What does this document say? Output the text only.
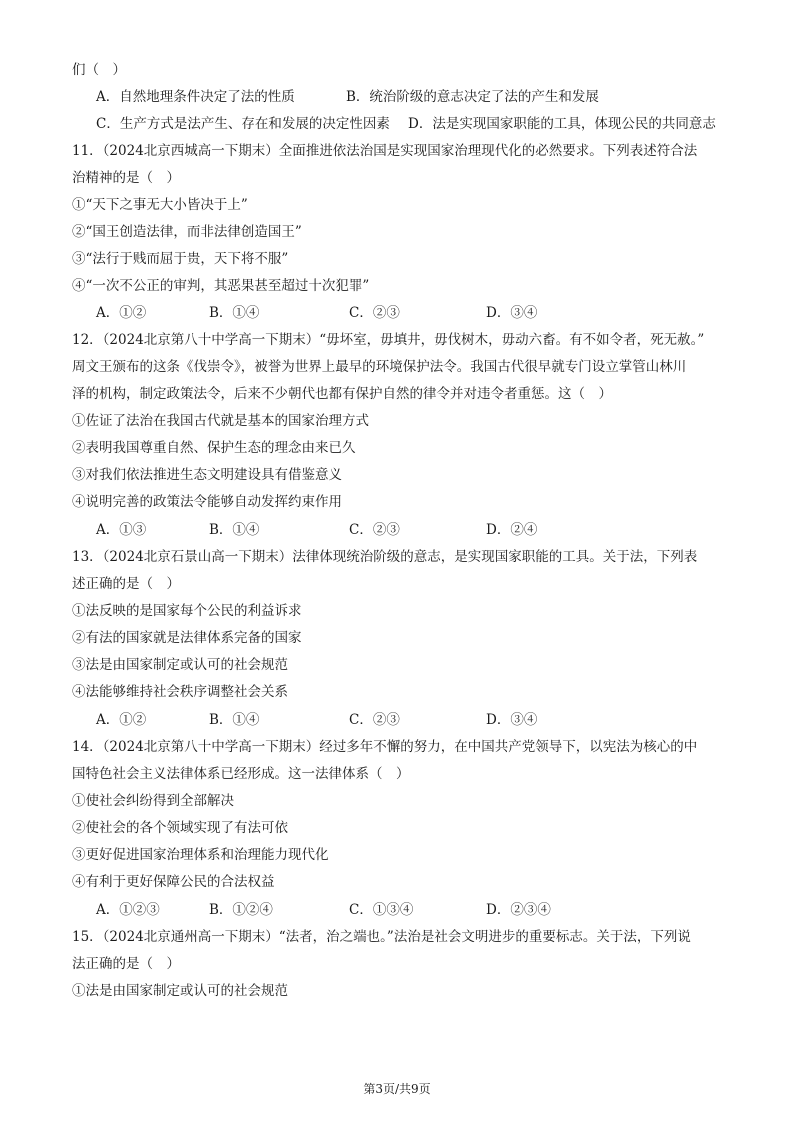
们（　）
A．自然地理条件决定了法的性质	B．统治阶级的意志决定了法的产生和发展
C．生产方式是法产生、存在和发展的决定性因素 D．法是实现国家职能的工具，体现公民的共同意志
11．（2024北京西城高一下期末）全面推进依法治国是实现国家治理现代化的必然要求。下列表述符合法
治精神的是（　）
①“天下之事无大小皆决于上”
②“国王创造法律，而非法律创造国王”
③“法行于贱而屈于贵，天下将不服”
④“一次不公正的审判，其恶果甚至超过十次犯罪”
A．①②	B．①④	C．②③	D．③④
12．（2024北京第八十中学高一下期末）“毋坏室，毋填井，毋伐树木，毋动六畜。有不如令者，死无赦。”
周文王颁布的这条《伐崇令》，被誉为世界上最早的环境保护法令。我国古代很早就专门设立掌管山林川
泽的机构，制定政策法令，后来不少朝代也都有保护自然的律令并对违令者重惩。这（　）
①佐证了法治在我国古代就是基本的国家治理方式
②表明我国尊重自然、保护生态的理念由来已久
③对我们依法推进生态文明建设具有借鉴意义
④说明完善的政策法令能够自动发挥约束作用
A．①③	B．①④	C．②③	D．②④
13．（2024北京石景山高一下期末）法律体现统治阶级的意志，是实现国家职能的工具。关于法，下列表
述正确的是（　）
①法反映的是国家每个公民的利益诉求
②有法的国家就是法律体系完备的国家
③法是由国家制定或认可的社会规范
④法能够维持社会秩序调整社会关系
A．①②	B．①④	C．②③	D．③④
14．（2024北京第八十中学高一下期末）经过多年不懈的努力，在中国共产党领导下，以宪法为核心的中
国特色社会主义法律体系已经形成。这一法律体系（　）
①使社会纠纷得到全部解决
②使社会的各个领域实现了有法可依
③更好促进国家治理体系和治理能力现代化
④有利于更好保障公民的合法权益
A．①②③	B．①②④	C．①③④	D．②③④
15．（2024北京通州高一下期末）“法者，治之端也。”法治是社会文明进步的重要标志。关于法，下列说
法正确的是（　）
①法是由国家制定或认可的社会规范
第3页/共9页
